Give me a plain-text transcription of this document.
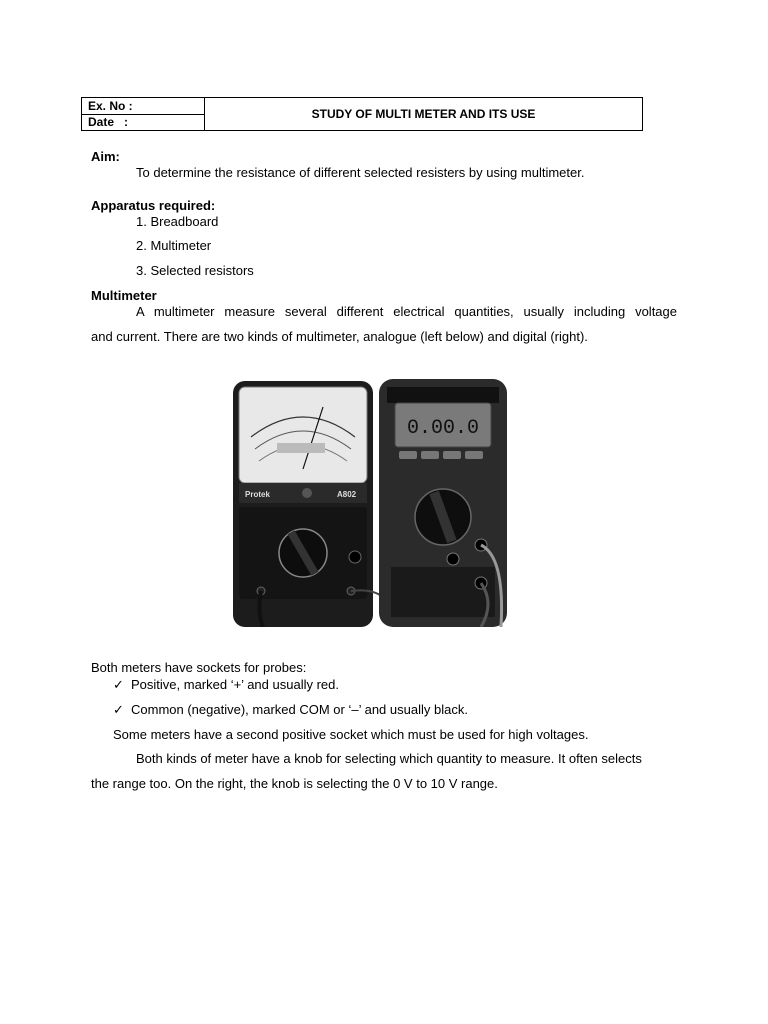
Ex. No :
Date   :
STUDY OF MULTI METER AND ITS USE
Aim:
To determine the resistance of different selected resisters by using multimeter.
Apparatus required:
1. Breadboard
2. Multimeter
3. Selected resistors
Multimeter
A multimeter measure several different electrical quantities, usually including voltage
and current. There are two kinds of multimeter, analogue (left below) and digital (right).
Protek	A802
0.00.0
Both meters have sockets for probes:
✓ Positive, marked ‘+’ and usually red.
✓ Common (negative), marked COM or ‘–’ and usually black.
Some meters have a second positive socket which must be used for high voltages.
Both kinds of meter have a knob for selecting which quantity to measure. It often selects
the range too. On the right, the knob is selecting the 0 V to 10 V range.
